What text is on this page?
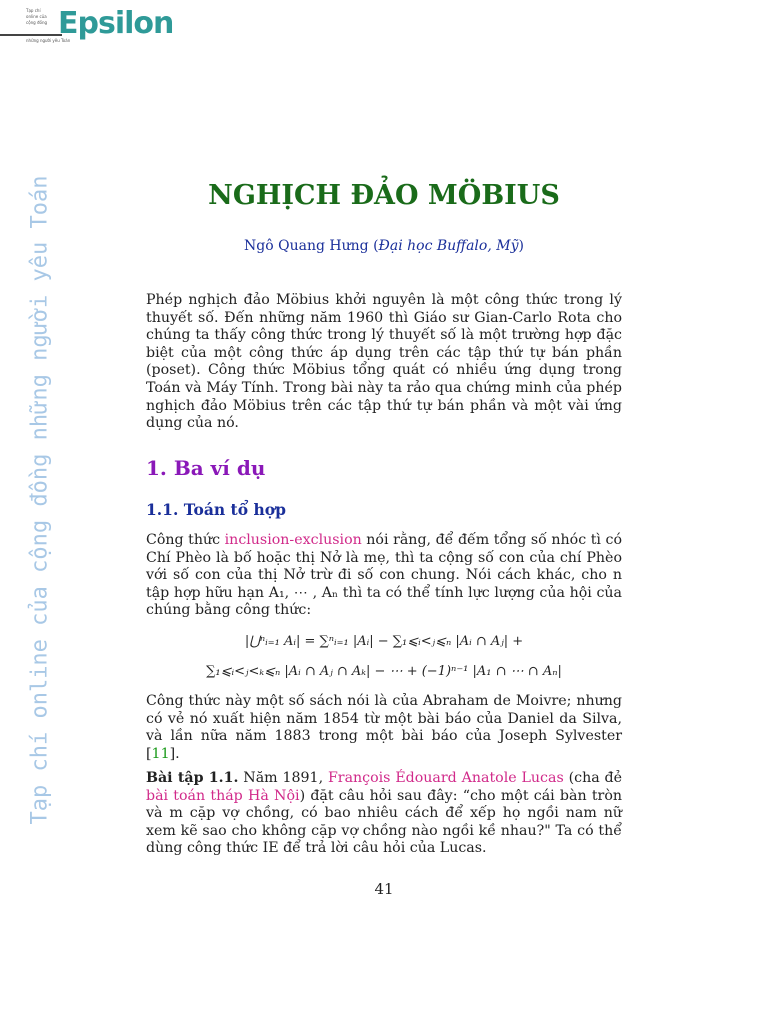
Tạp chí
online của
cộng đồng
những người yêu Toán
Epsilon
Tạp chí online của cộng đồng những người yêu Toán	NGHỊCH ĐẢO MÖBIUS
Ngô Quang Hưng (Đại học Buffalo, Mỹ)
Phép nghịch đảo Möbius khởi nguyên là một công thức trong lý thuyết số. Đến những năm 1960 thì Giáo sư Gian-Carlo Rota cho chúng ta thấy công thức trong lý thuyết số là một trường hợp đặc biệt của một công thức áp dụng trên các tập thứ tự bán phần (poset). Công thức Möbius tổng quát có nhiều ứng dụng trong Toán và Máy Tính. Trong bài này ta rảo qua chứng minh của phép nghịch đảo Möbius trên các tập thứ tự bán phần và một vài ứng dụng của nó.
1. Ba ví dụ
1.1. Toán tổ hợp
Công thức inclusion-exclusion nói rằng, để đếm tổng số nhóc tì có Chí Phèo là bố hoặc thị Nở là mẹ, thì ta cộng số con của chí Phèo với số con của thị Nở trừ đi số con chung. Nói cách khác, cho n tập hợp hữu hạn A₁, ⋯ , Aₙ thì ta có thể tính lực lượng của hội của chúng bằng công thức:
|⋃ⁿᵢ₌₁ Aᵢ| = ∑ⁿᵢ₌₁ |Aᵢ| − ∑₁⩽ᵢ<ⱼ⩽ₙ |Aᵢ ∩ Aⱼ| +
∑₁⩽ᵢ<ⱼ<ₖ⩽ₙ |Aᵢ ∩ Aⱼ ∩ Aₖ| − ⋯ + (−1)ⁿ⁻¹ |A₁ ∩ ⋯ ∩ Aₙ|
Công thức này một số sách nói là của Abraham de Moivre; nhưng có vẻ nó xuất hiện năm 1854 từ một bài báo của Daniel da Silva, và lần nữa năm 1883 trong một bài báo của Joseph Sylvester [11].
Bài tập 1.1. Năm 1891, François Édouard Anatole Lucas (cha đẻ bài toán tháp Hà Nội) đặt câu hỏi sau đây: “cho một cái bàn tròn và m cặp vợ chồng, có bao nhiêu cách để xếp họ ngồi nam nữ xem kẽ sao cho không cặp vợ chồng nào ngồi kề nhau?" Ta có thể dùng công thức IE để trả lời câu hỏi của Lucas.
41
